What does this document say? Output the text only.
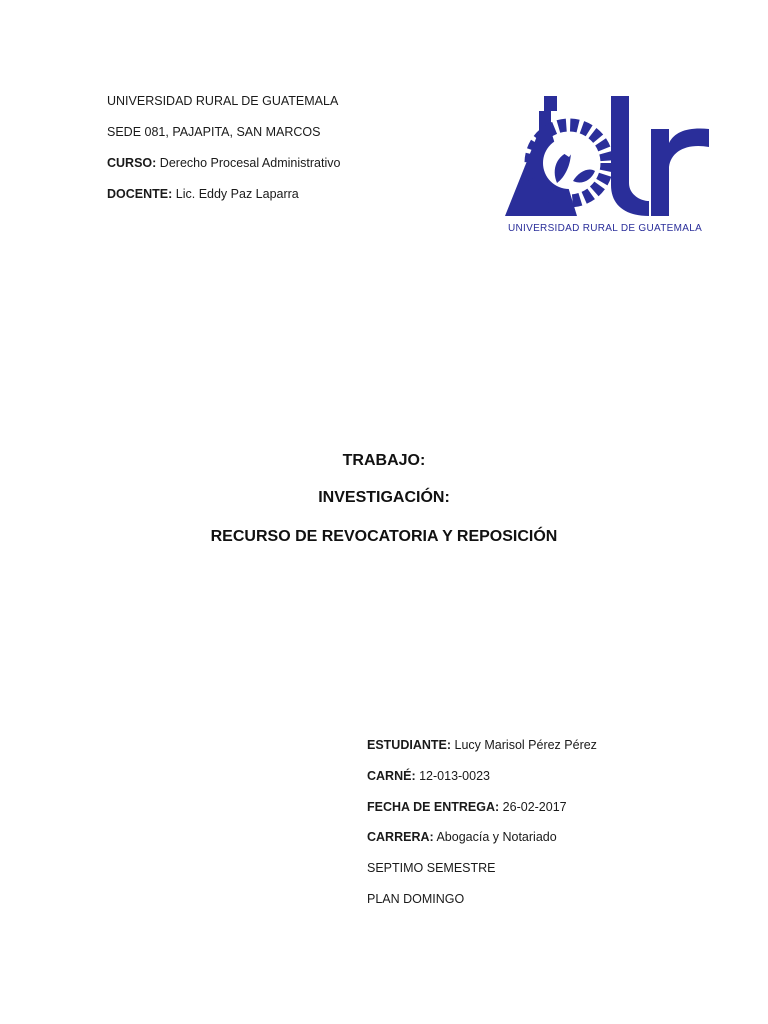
UNIVERSIDAD RURAL DE GUATEMALA
SEDE 081, PAJAPITA, SAN MARCOS
CURSO: Derecho Procesal Administrativo
DOCENTE: Lic. Eddy Paz Laparra
UNIVERSIDAD RURAL DE GUATEMALA
TRABAJO:
INVESTIGACIÓN:
RECURSO DE REVOCATORIA Y REPOSICIÓN
ESTUDIANTE: Lucy Marisol Pérez Pérez
CARNÉ: 12-013-0023
FECHA DE ENTREGA: 26-02-2017
CARRERA: Abogacía y Notariado
SEPTIMO SEMESTRE
PLAN DOMINGO
